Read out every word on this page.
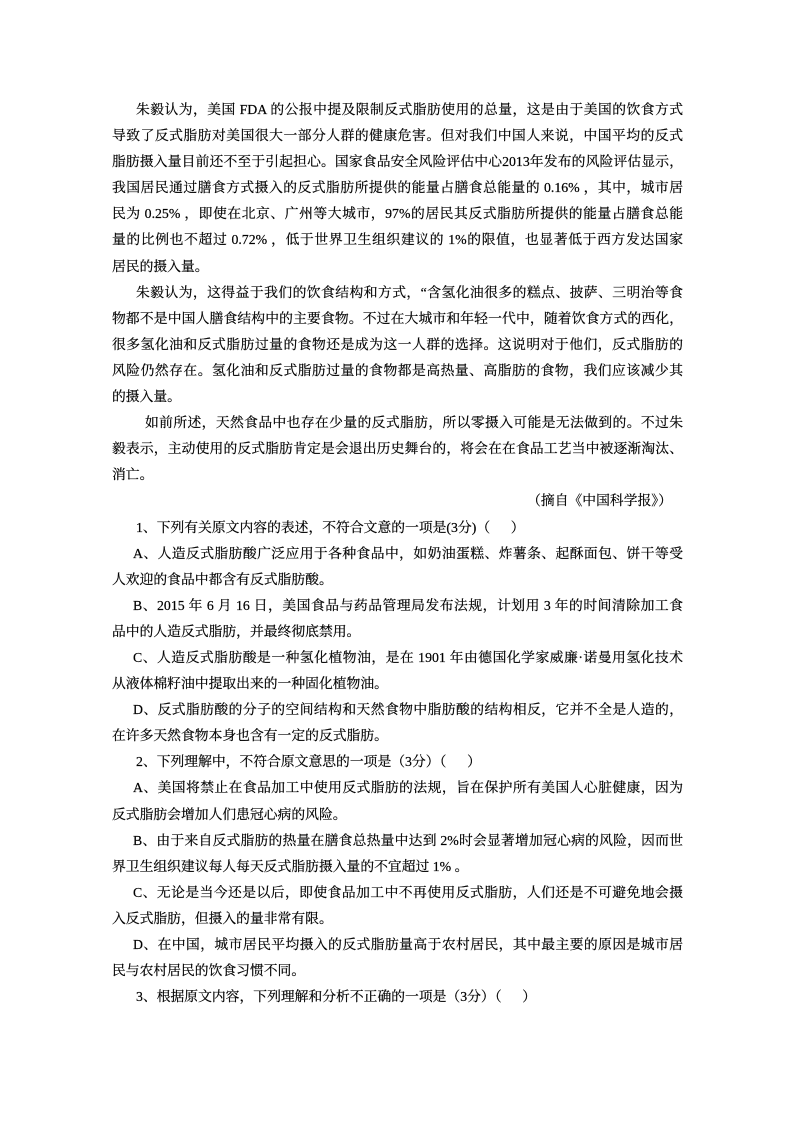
朱毅认为，美国 FDA 的公报中提及限制反式脂肪使用的总量，这是由于美国的饮食方式
导致了反式脂肪对美国很大一部分人群的健康危害。但对我们中国人来说，中国平均的反式
脂肪摄入量目前还不至于引起担心。国家食品安全风险评估中心2013年发布的风险评估显示，
我国居民通过膳食方式摄入的反式脂肪所提供的能量占膳食总能量的 0.16% ，其中，城市居
民为 0.25% ，即使在北京、广州等大城市，97%的居民其反式脂肪所提供的能量占膳食总能
量的比例也不超过 0.72% ，低于世界卫生组织建议的 1%的限值，也显著低于西方发达国家
居民的摄入量。
朱毅认为，这得益于我们的饮食结构和方式，“含氢化油很多的糕点、披萨、三明治等食
物都不是中国人膳食结构中的主要食物。不过在大城市和年轻一代中，随着饮食方式的西化，
很多氢化油和反式脂肪过量的食物还是成为这一人群的选择。这说明对于他们，反式脂肪的
风险仍然存在。氢化油和反式脂肪过量的食物都是高热量、高脂肪的食物，我们应该减少其
的摄入量。
如前所述，天然食品中也存在少量的反式脂肪，所以零摄入可能是无法做到的。不过朱
毅表示，主动使用的反式脂肪肯定是会退出历史舞台的，将会在在食品工艺当中被逐渐淘汰、
消亡。
（摘自《中国科学报》）
1、下列有关原文内容的表述，不符合文意的一项是(3分)（      ）
A、人造反式脂肪酸广泛应用于各种食品中，如奶油蛋糕、炸薯条、起酥面包、饼干等受
人欢迎的食品中都含有反式脂肪酸。
B、2015 年 6 月 16 日，美国食品与药品管理局发布法规，计划用 3 年的时间清除加工食
品中的人造反式脂肪，并最终彻底禁用。
C、人造反式脂肪酸是一种氢化植物油，是在 1901 年由德国化学家威廉·诺曼用氢化技术
从液体棉籽油中提取出来的一种固化植物油。
D、反式脂肪酸的分子的空间结构和天然食物中脂肪酸的结构相反，它并不全是人造的，
在许多天然食物本身也含有一定的反式脂肪。
2、下列理解中，不符合原文意思的一项是（3分）（      ）
A、美国将禁止在食品加工中使用反式脂肪的法规，旨在保护所有美国人心脏健康，因为
反式脂肪会增加人们患冠心病的风险。
B、由于来自反式脂肪的热量在膳食总热量中达到 2%时会显著增加冠心病的风险，因而世
界卫生组织建议每人每天反式脂肪摄入量的不宜超过 1% 。
C、无论是当今还是以后，即使食品加工中不再使用反式脂肪，人们还是不可避免地会摄
入反式脂肪，但摄入的量非常有限。
D、在中国，城市居民平均摄入的反式脂肪量高于农村居民，其中最主要的原因是城市居
民与农村居民的饮食习惯不同。
3、根据原文内容，下列理解和分析不正确的一项是（3分）（      ）
